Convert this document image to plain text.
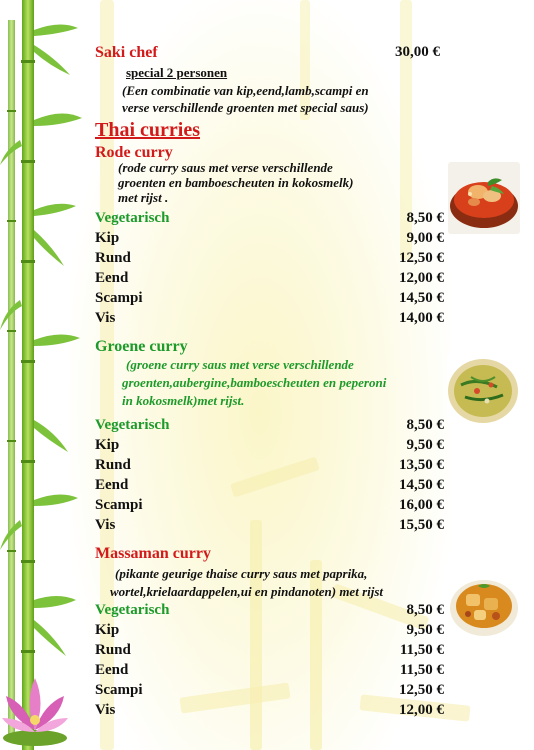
Saki chef	30,00 €
special 2 personen
(Een combinatie van kip,eend,lamb,scampi en
verse verschillende groenten met special saus)
Thai curries
Rode curry
(rode curry saus met verse verschillende
groenten en bamboescheuten in kokosmelk)
met rijst .
Vegetarisch	8,50 €
Kip	9,00 €
Rund	12,50 €
Eend	12,00 €
Scampi	14,50 €
Vis	14,00 €
Groene curry
(groene curry saus met verse verschillende
groenten,aubergine,bamboescheuten en peperoni
in kokosmelk)met rijst.
Vegetarisch	8,50 €
Kip	9,50 €
Rund	13,50 €
Eend	14,50 €
Scampi	16,00 €
Vis	15,50 €
Massaman curry
(pikante geurige thaise curry saus met paprika,
wortel,krielaardappelen,ui en pindanoten) met rijst
Vegetarisch	8,50 €
Kip	9,50 €
Rund	11,50 €
Eend	11,50 €
Scampi	12,50 €
Vis	12,00 €
